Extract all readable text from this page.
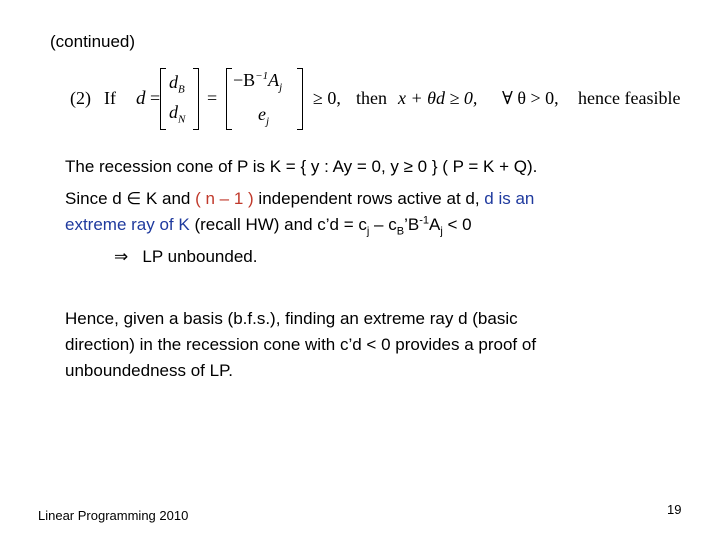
(continued)
(2) If d =
$d_B$
$d_N$
=
$-B^{-1}A_j$
$e_j$
≥ 0, then x + θd ≥ 0, ∀ θ > 0, hence feasible
The recession cone of P is K = { y : Ay = 0, y ≥ 0 } ( P = K + Q).
Since d ∈ K and ( n – 1 ) independent rows active at d, d is an
extreme ray of K (recall HW) and c’d = $c_j$ – $c_B’B^{-1}A_j < 0$
⇒ LP unbounded.
Hence, given a basis (b.f.s.), finding an extreme ray d (basic
direction) in the recession cone with c’d < 0 provides a proof of
unboundedness of LP.
Linear Programming 2010	19
